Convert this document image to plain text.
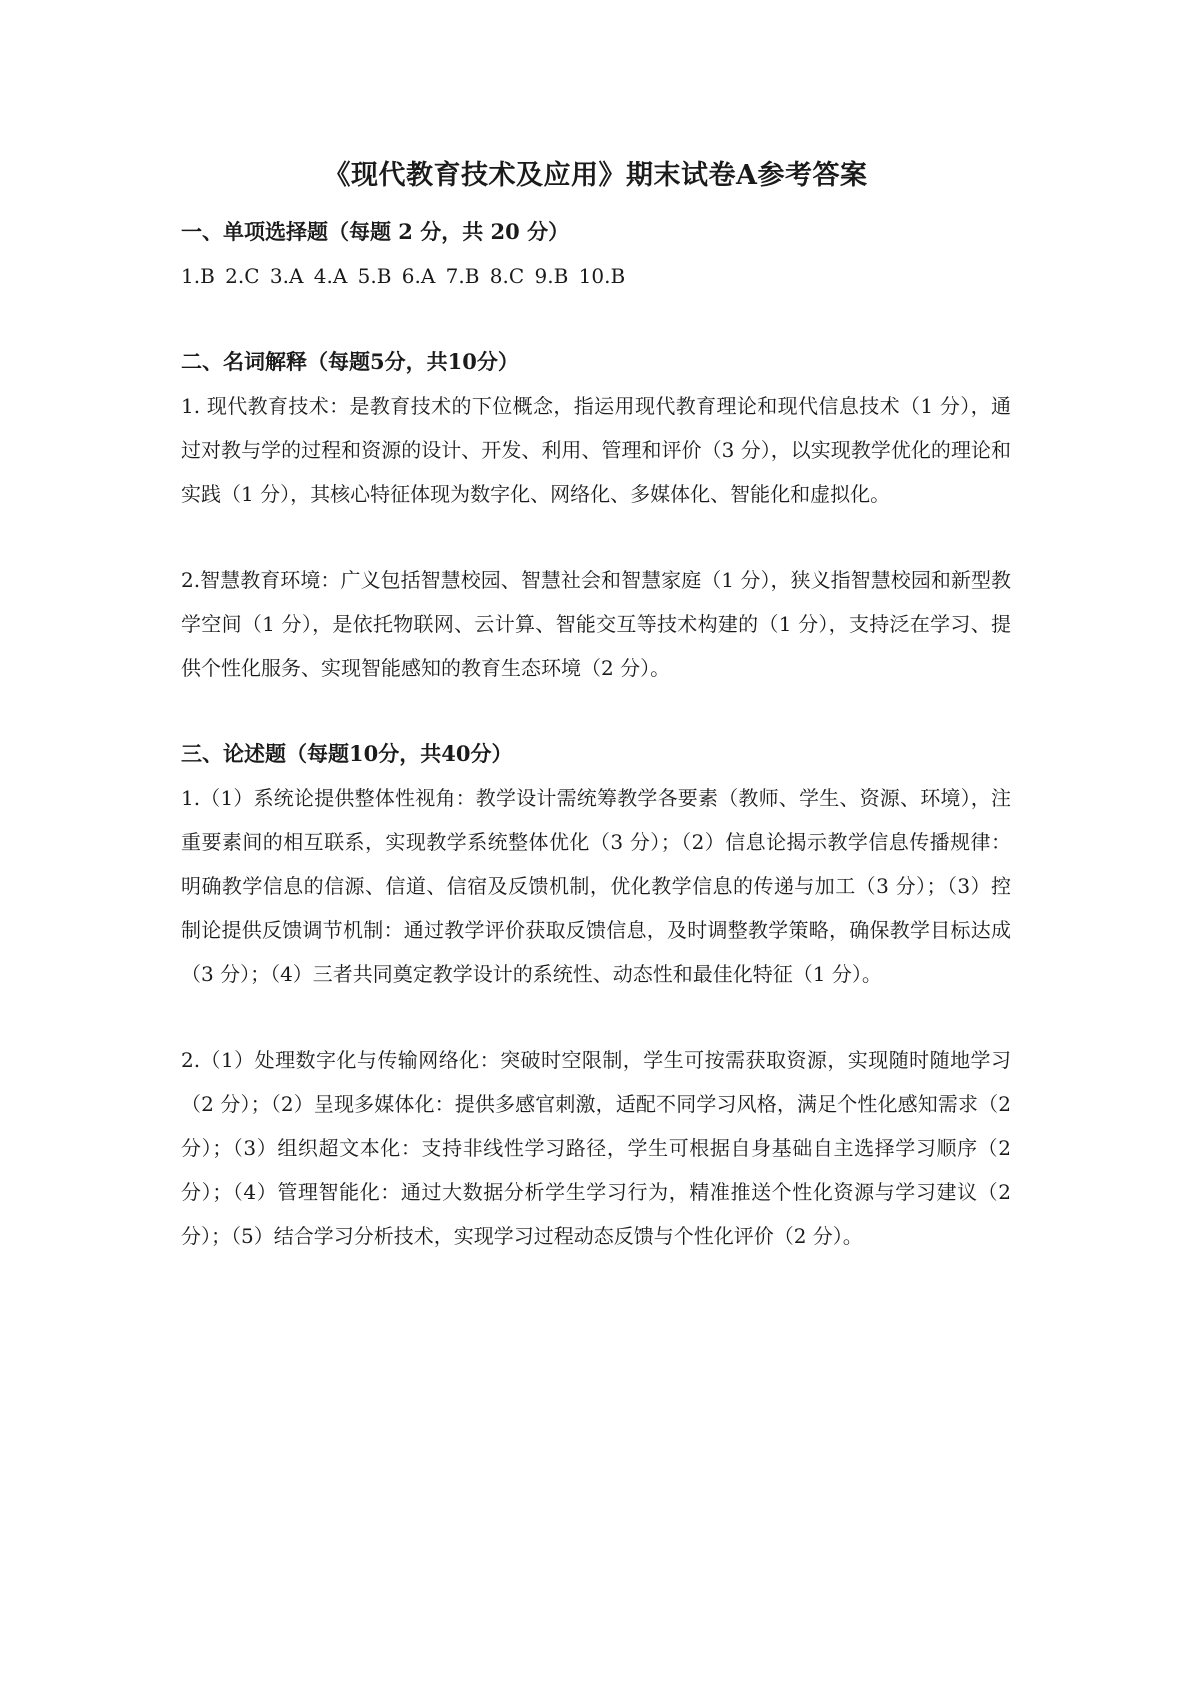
《现代教育技术及应用》期末试卷A参考答案
一、单项选择题（每题 2 分，共 20 分）
1.B 2.C 3.A 4.A 5.B 6.A 7.B 8.C 9.B 10.B
二、名词解释（每题5分，共10分）

1. 现代教育技术：是教育技术的下位概念，指运用现代教育理论和现代信息技术（1 分），通过对教与学的过程和资源的设计、开发、利用、管理和评价（3 分），以实现教学优化的理论和实践（1 分），其核心特征体现为数字化、网络化、多媒体化、智能化和虚拟化。

2.智慧教育环境：广义包括智慧校园、智慧社会和智慧家庭（1 分），狭义指智慧校园和新型教学空间（1 分），是依托物联网、云计算、智能交互等技术构建的（1 分），支持泛在学习、提供个性化服务、实现智能感知的教育生态环境（2 分）。

三、论述题（每题10分，共40分）

1.（1）系统论提供整体性视角：教学设计需统筹教学各要素（教师、学生、资源、环境），注重要素间的相互联系，实现教学系统整体优化（3 分）；（2）信息论揭示教学信息传播规律：明确教学信息的信源、信道、信宿及反馈机制，优化教学信息的传递与加工（3 分）；（3）控制论提供反馈调节机制：通过教学评价获取反馈信息，及时调整教学策略，确保教学目标达成（3 分）；（4）三者共同奠定教学设计的系统性、动态性和最佳化特征（1 分）。

2.（1）处理数字化与传输网络化：突破时空限制，学生可按需获取资源，实现随时随地学习（2 分）；（2）呈现多媒体化：提供多感官刺激，适配不同学习风格，满足个性化感知需求（2 分）；（3）组织超文本化：支持非线性学习路径，学生可根据自身基础自主选择学习顺序（2 分）；（4）管理智能化：通过大数据分析学生学习行为，精准推送个性化资源与学习建议（2 分）；（5）结合学习分析技术，实现学习过程动态反馈与个性化评价（2 分）。
